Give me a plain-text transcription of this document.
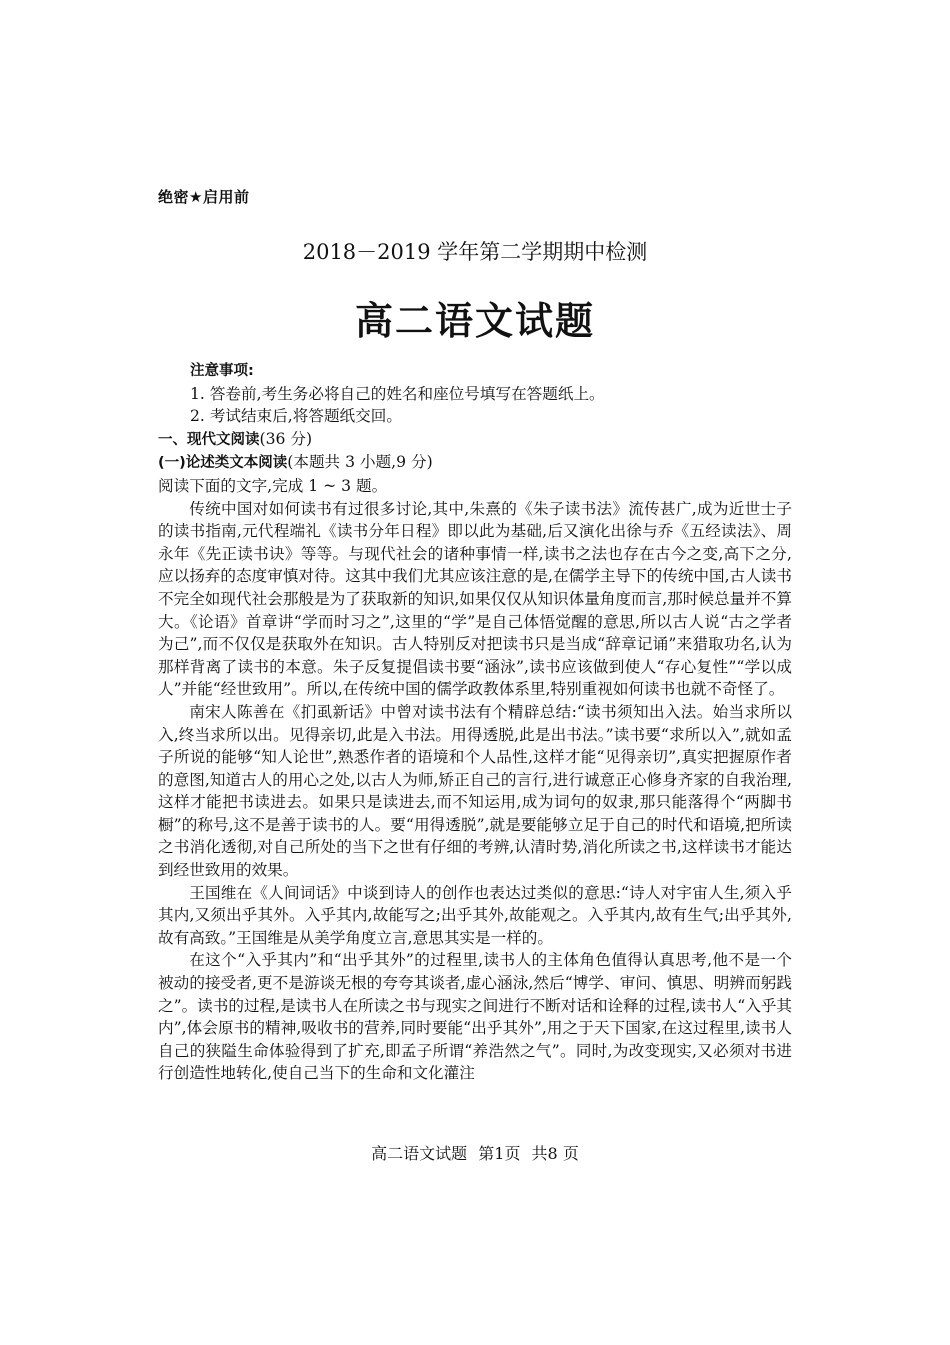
绝密★启用前
2018－2019 学年第二学期期中检测
高二语文试题

注意事项:

1. 答卷前,考生务必将自己的姓名和座位号填写在答题纸上。

2. 考试结束后,将答题纸交回。

一、现代文阅读(36 分)

(一)论述类文本阅读(本题共 3 小题,9 分)

阅读下面的文字,完成 1 ~ 3 题。

传统中国对如何读书有过很多讨论,其中,朱熹的《朱子读书法》流传甚广,成为近世士子的读书指南,元代程端礼《读书分年日程》即以此为基础,后又演化出徐与乔《五经读法》、周永年《先正读书诀》等等。与现代社会的诸种事情一样,读书之法也存在古今之变,高下之分,应以扬弃的态度审慎对待。这其中我们尤其应该注意的是,在儒学主导下的传统中国,古人读书不完全如现代社会那般是为了获取新的知识,如果仅仅从知识体量角度而言,那时候总量并不算大。《论语》首章讲“学而时习之”,这里的“学”是自己体悟觉醒的意思,所以古人说“古之学者为己”,而不仅仅是获取外在知识。古人特别反对把读书只是当成“辞章记诵”来猎取功名,认为那样背离了读书的本意。朱子反复提倡读书要“涵泳”,读书应该做到使人“存心复性”“学以成人”并能“经世致用”。所以,在传统中国的儒学政教体系里,特别重视如何读书也就不奇怪了。

南宋人陈善在《扪虱新话》中曾对读书法有个精辟总结:“读书须知出入法。始当求所以入,终当求所以出。见得亲切,此是入书法。用得透脱,此是出书法。”读书要“求所以入”,就如孟子所说的能够“知人论世”,熟悉作者的语境和个人品性,这样才能“见得亲切”,真实把握原作者的意图,知道古人的用心之处,以古人为师,矫正自己的言行,进行诚意正心修身齐家的自我治理,这样才能把书读进去。如果只是读进去,而不知运用,成为词句的奴隶,那只能落得个“两脚书橱”的称号,这不是善于读书的人。要“用得透脱”,就是要能够立足于自己的时代和语境,把所读之书消化透彻,对自己所处的当下之世有仔细的考辨,认清时势,消化所读之书,这样读书才能达到经世致用的效果。

王国维在《人间词话》中谈到诗人的创作也表达过类似的意思:“诗人对宇宙人生,须入乎其内,又须出乎其外。入乎其内,故能写之;出乎其外,故能观之。入乎其内,故有生气;出乎其外,故有高致。”王国维是从美学角度立言,意思其实是一样的。

在这个“入乎其内”和“出乎其外”的过程里,读书人的主体角色值得认真思考,他不是一个被动的接受者,更不是游谈无根的夸夸其谈者,虚心涵泳,然后“博学、审问、慎思、明辨而躬践之”。读书的过程,是读书人在所读之书与现实之间进行不断对话和诠释的过程,读书人“入乎其内”,体会原书的精神,吸收书的营养,同时要能“出乎其外”,用之于天下国家,在这过程里,读书人自己的狭隘生命体验得到了扩充,即孟子所谓“养浩然之气”。同时,为改变现实,又必须对书进行创造性地转化,使自己当下的生命和文化灌注

高二语文试题 第1页 共8 页
